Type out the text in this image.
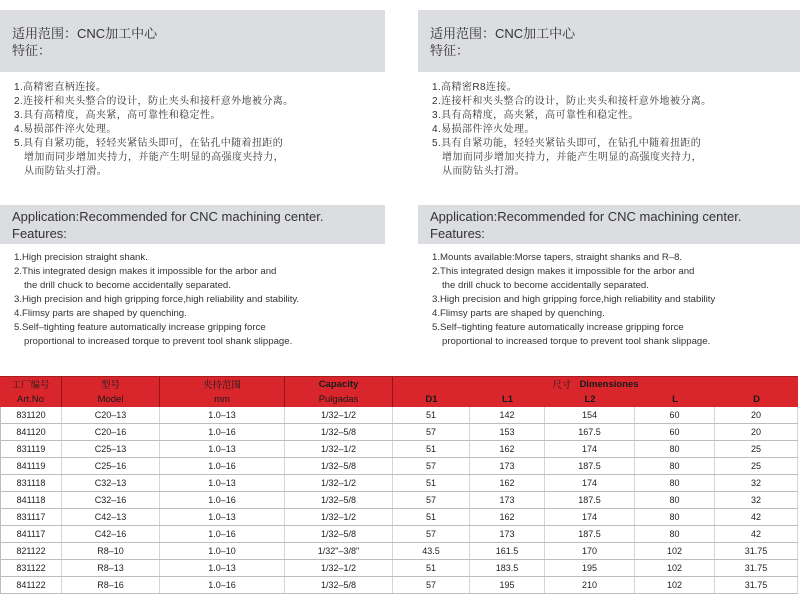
适用范围：CNC加工中心
特征：
1.高精密直柄连接。
2.连接杆和夹头整合的设计，防止夹头和接杆意外地被分离。
3.具有高精度，高夹紧，高可靠性和稳定性。
4.易损部件淬火处理。
5.具有自紧功能，轻轻夹紧钻头即可，在钻孔中随着扭距的
增加而同步增加夹持力，并能产生明显的高强度夹持力，
从而防钻头打滑。
Application:Recommended for CNC machining center.
Features:
1.High precision straight shank.
2.This integrated design makes it impossible for the arbor and
the drill chuck to become accidentally separated.
3.High precision and high gripping force,high reliability and stability.
4.Flimsy parts are shaped by quenching.
5.Self–tighting feature automatically increase gripping force
proportional to increased torque to prevent tool shank slippage.
适用范围：CNC加工中心
特征：
1.高精密R8连接。
2.连接杆和夹头整合的设计，防止夹头和接杆意外地被分离。
3.具有高精度，高夹紧，高可靠性和稳定性。
4.易损部件淬火处理。
5.具有自紧功能，轻轻夹紧钻头即可，在钻孔中随着扭距的
增加而同步增加夹持力，并能产生明显的高强度夹持力，
从而防钻头打滑。
Application:Recommended for CNC machining center.
Features:
1.Mounts available:Morse tapers, straight shanks and R–8.
2.This integrated design makes it impossible for the arbor and
the drill chuck to become accidentally separated.
3.High precision and high gripping force,high reliability and stability
4.Flimsy parts are shaped by quenching.
5.Self–tighting feature automatically increase gripping force
proportional to increased torque to prevent tool shank slippage.
工厂编号	型号	夹持范围	Capacity	尺寸 Dimensiones
Art.No	Model	mm	Pulgadas	D1	L1	L2	L	D
831120	C20–13	1.0–13	1/32–1/2	51	142	154	60	20
841120	C20–16	1.0–16	1/32–5/8	57	153	167.5	60	20
831119	C25–13	1.0–13	1/32–1/2	51	162	174	80	25
841119	C25–16	1.0–16	1/32–5/8	57	173	187.5	80	25
831118	C32–13	1.0–13	1/32–1/2	51	162	174	80	32
841118	C32–16	1.0–16	1/32–5/8	57	173	187.5	80	32
831117	C42–13	1.0–13	1/32–1/2	51	162	174	80	42
841117	C42–16	1.0–16	1/32–5/8	57	173	187.5	80	42
821122	R8–10	1.0–10	1/32"–3/8"	43.5	161.5	170	102	31.75
831122	R8–13	1.0–13	1/32–1/2	51	183.5	195	102	31.75
841122	R8–16	1.0–16	1/32–5/8	57	195	210	102	31.75
